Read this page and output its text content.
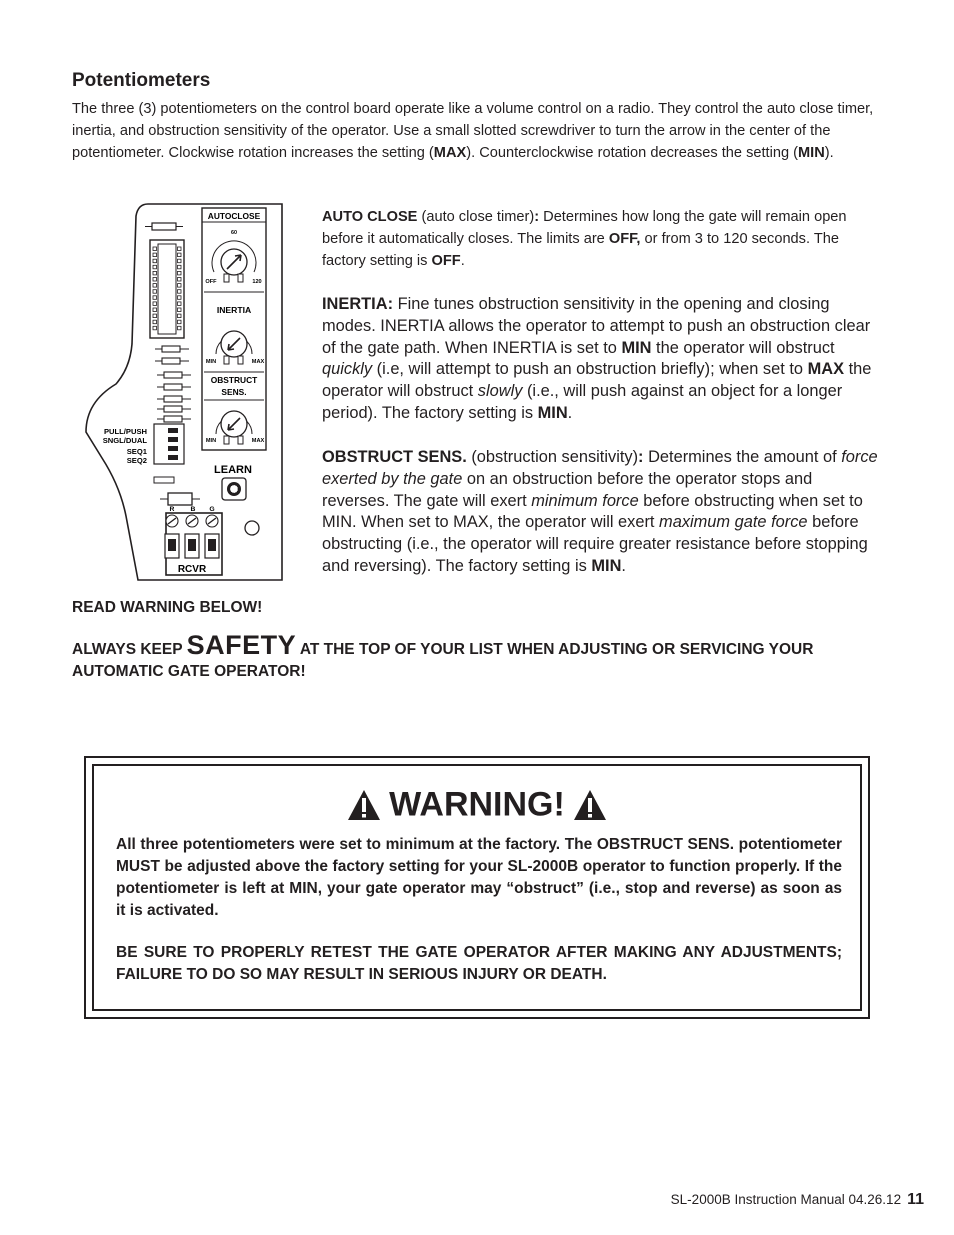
Potentiometers

The three (3) potentiometers on the control board operate like a volume control on a radio. They control the auto close timer, inertia, and obstruction sensitivity of the operator. Use a small slotted screwdriver to turn the arrow in the center of the potentiometer. Clockwise rotation increases the setting (MAX). Counterclockwise rotation decreases the setting (MIN).

PULL/PUSH
SNGL/DUAL
SEQ1
SEQ2
AUTOCLOSE
60
OFF	120
INERTIA
MIN	MAX
OBSTRUCT
SENS.
MIN	MAX
LEARN
R B G
RCVR

AUTO CLOSE (auto close timer): Determines how long the gate will remain open before it automatically closes. The limits are OFF, or from 3 to 120 seconds. The factory setting is OFF.

INERTIA: Fine tunes obstruction sensitivity in the opening and closing modes. INERTIA allows the operator to attempt to push an obstruction clear of the gate path. When INERTIA is set to MIN the operator will obstruct quickly (i.e, will attempt to push an obstruction briefly); when set to MAX the operator will obstruct slowly (i.e., will push against an object for a longer period). The factory setting is MIN.

OBSTRUCT SENS. (obstruction sensitivity): Determines the amount of force exerted by the gate on an obstruction before the operator stops and reverses. The gate will exert minimum force before obstructing when set to MIN. When set to MAX, the operator will exert maximum gate force before obstructing (i.e., the operator will require greater resistance before stopping and reversing). The factory setting is MIN.

READ WARNING BELOW!

ALWAYS KEEP SAFETY AT THE TOP OF YOUR LIST WHEN ADJUSTING OR SERVICING YOUR AUTOMATIC GATE OPERATOR!

WARNING!

All three potentiometers were set to minimum at the factory. The OBSTRUCT SENS. potentiometer MUST be adjusted above the factory setting for your SL-2000B operator to function properly. If the potentiometer is left at MIN, your gate operator may “obstruct” (i.e., stop and reverse) as soon as it is activated.

BE SURE TO PROPERLY RETEST THE GATE OPERATOR AFTER MAKING ANY ADJUSTMENTS; FAILURE TO DO SO MAY RESULT IN SERIOUS INJURY OR DEATH.

SL-2000B Instruction Manual 04.26.12 11
